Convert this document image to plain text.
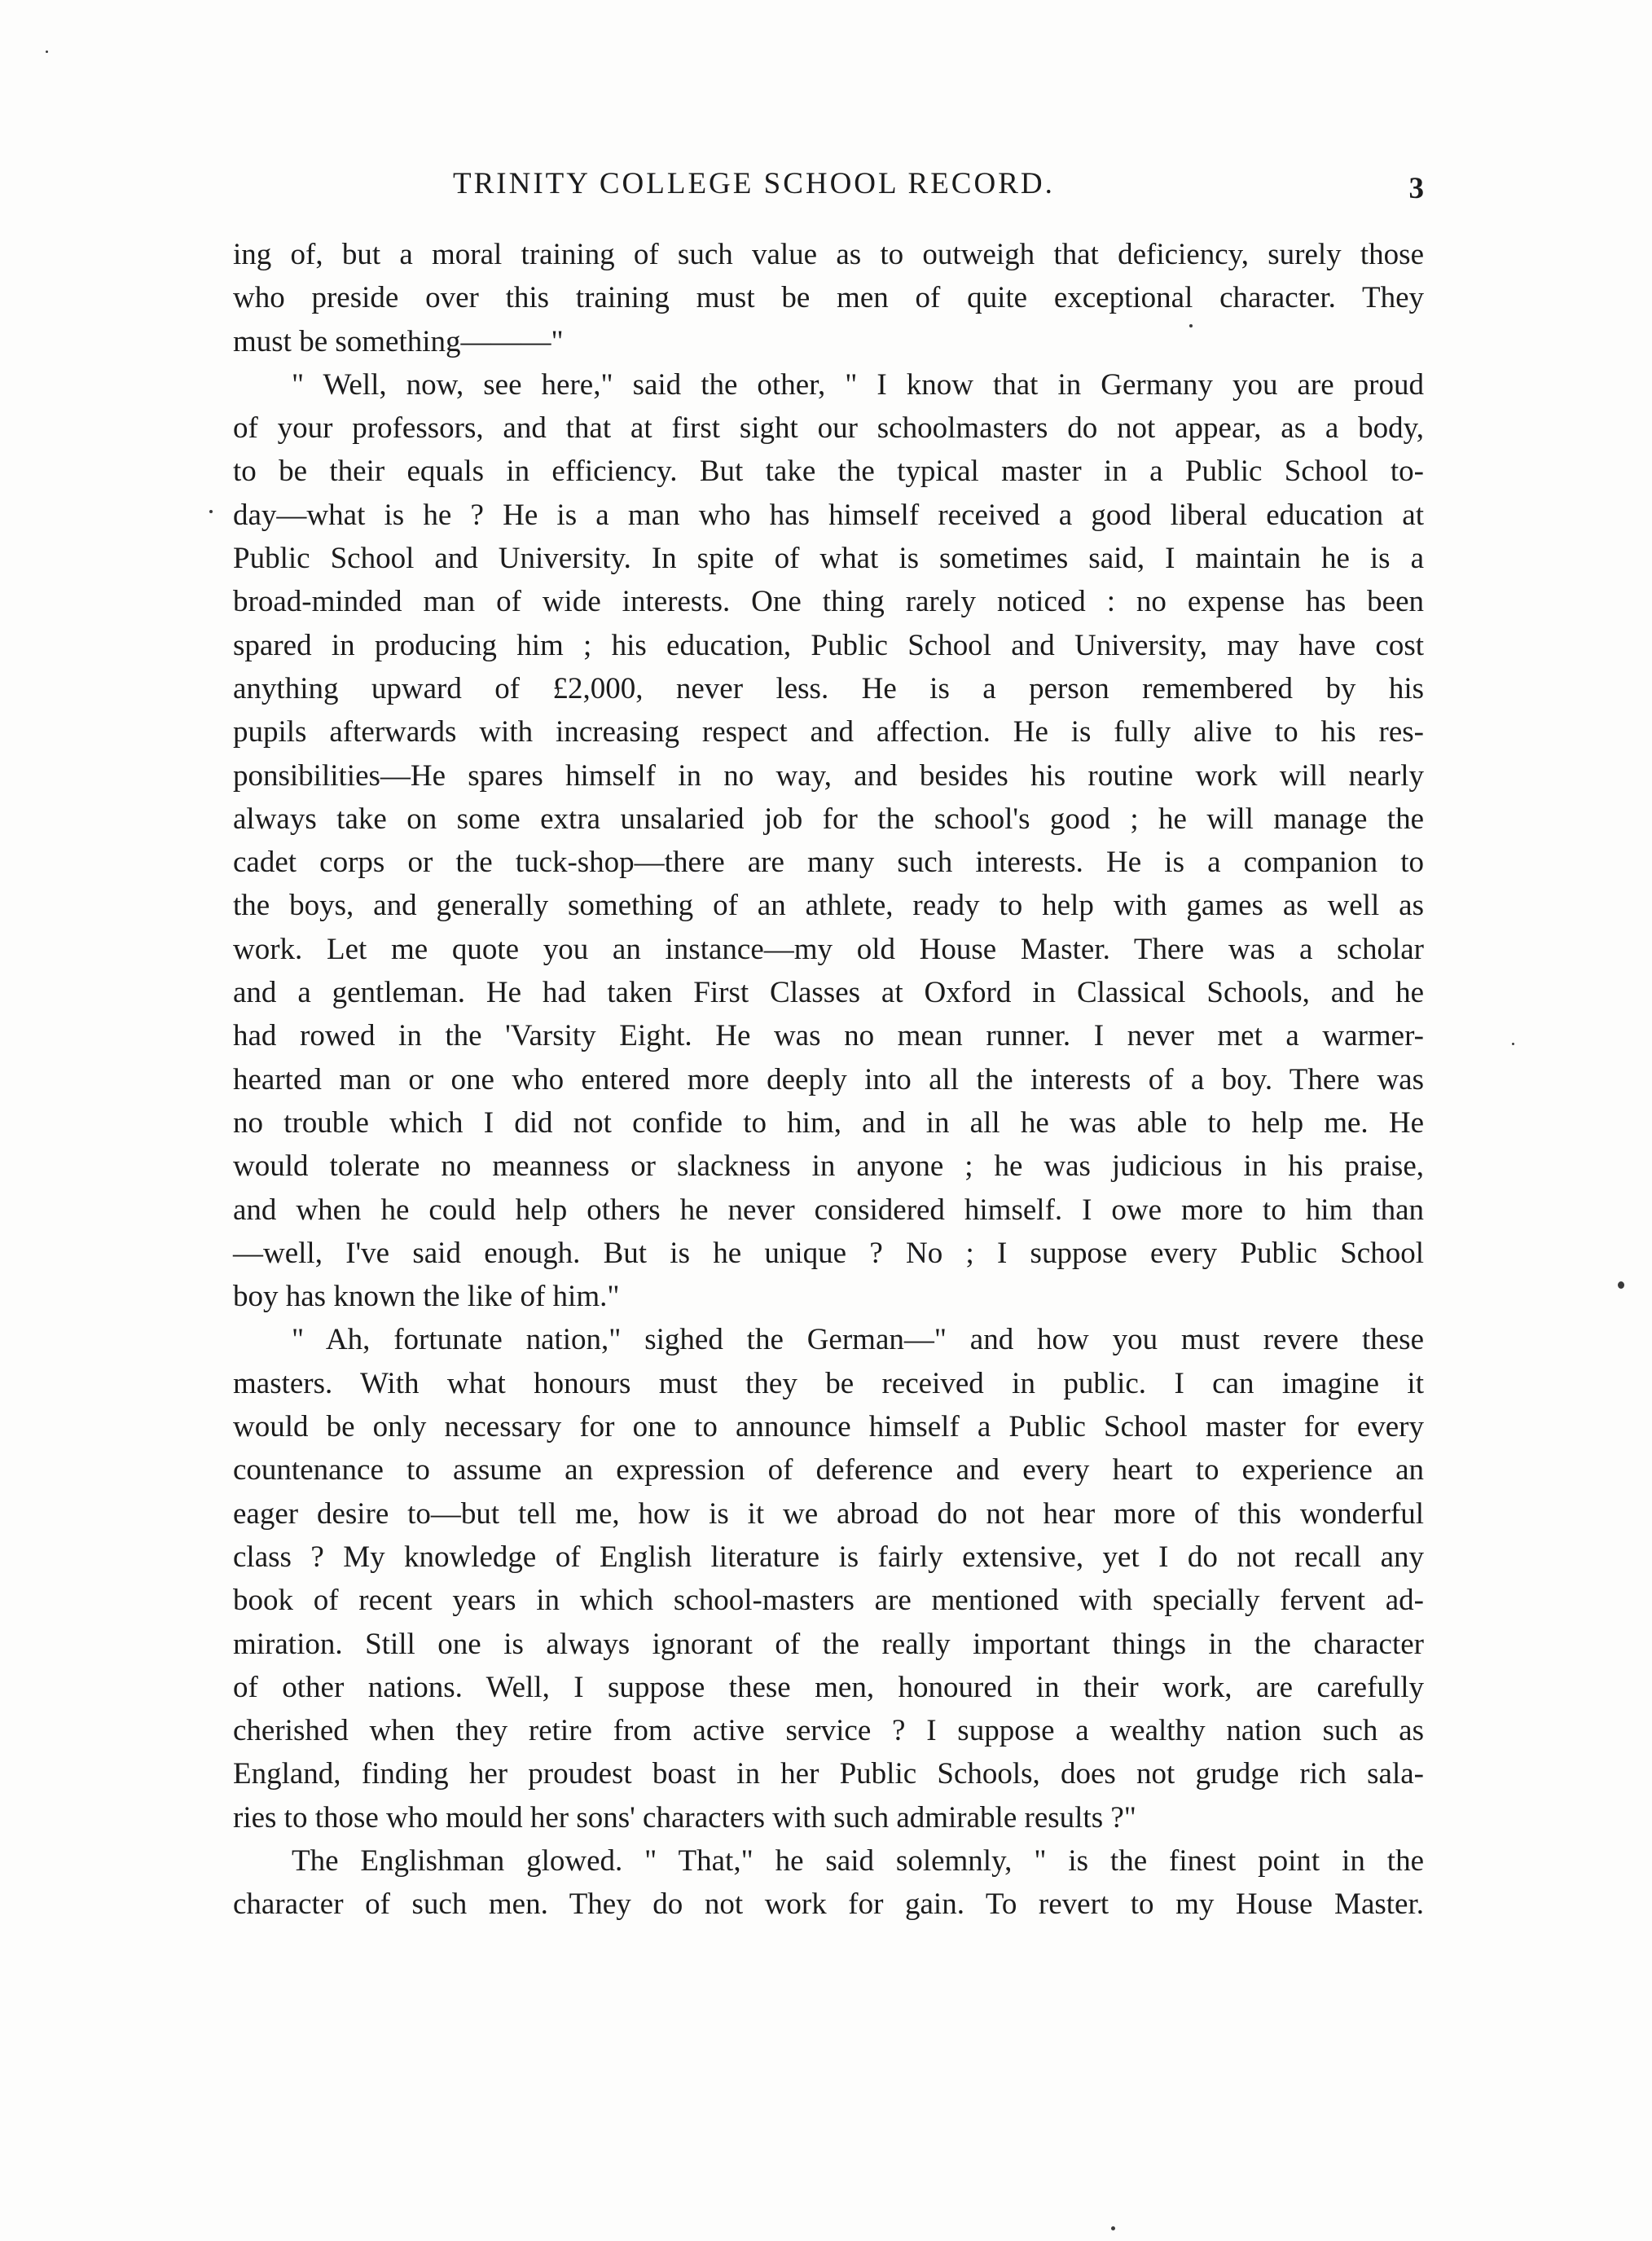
TRINITY COLLEGE SCHOOL RECORD.	3
ing of, but a moral training of such value as to outweigh that deficiency, surely those
who preside over this training must be men of quite exceptional character. They
must be something———"
" Well, now, see here," said the other, " I know that in Germany you are proud
of your professors, and that at first sight our schoolmasters do not appear, as a body,
to be their equals in efficiency. But take the typical master in a Public School to-
day—what is he ? He is a man who has himself received a good liberal education at
Public School and University. In spite of what is sometimes said, I maintain he is a
broad-minded man of wide interests. One thing rarely noticed : no expense has been
spared in producing him ; his education, Public School and University, may have cost
anything upward of £2,000, never less. He is a person remembered by his
pupils afterwards with increasing respect and affection. He is fully alive to his res-
ponsibilities—He spares himself in no way, and besides his routine work will nearly
always take on some extra unsalaried job for the school's good ; he will manage the
cadet corps or the tuck-shop—there are many such interests. He is a companion to
the boys, and generally something of an athlete, ready to help with games as well as
work. Let me quote you an instance—my old House Master. There was a scholar
and a gentleman. He had taken First Classes at Oxford in Classical Schools, and he
had rowed in the 'Varsity Eight. He was no mean runner. I never met a warmer-
hearted man or one who entered more deeply into all the interests of a boy. There was
no trouble which I did not confide to him, and in all he was able to help me. He
would tolerate no meanness or slackness in anyone ; he was judicious in his praise,
and when he could help others he never considered himself. I owe more to him than
—well, I've said enough. But is he unique ? No ; I suppose every Public School
boy has known the like of him."
" Ah, fortunate nation," sighed the German—" and how you must revere these
masters. With what honours must they be received in public. I can imagine it
would be only necessary for one to announce himself a Public School master for every
countenance to assume an expression of deference and every heart to experience an
eager desire to—but tell me, how is it we abroad do not hear more of this wonderful
class ? My knowledge of English literature is fairly extensive, yet I do not recall any
book of recent years in which school-masters are mentioned with specially fervent ad-
miration. Still one is always ignorant of the really important things in the character
of other nations. Well, I suppose these men, honoured in their work, are carefully
cherished when they retire from active service ? I suppose a wealthy nation such as
England, finding her proudest boast in her Public Schools, does not grudge rich sala-
ries to those who mould her sons' characters with such admirable results ?"
The Englishman glowed. " That," he said solemnly, " is the finest point in the
character of such men. They do not work for gain. To revert to my House Master.
